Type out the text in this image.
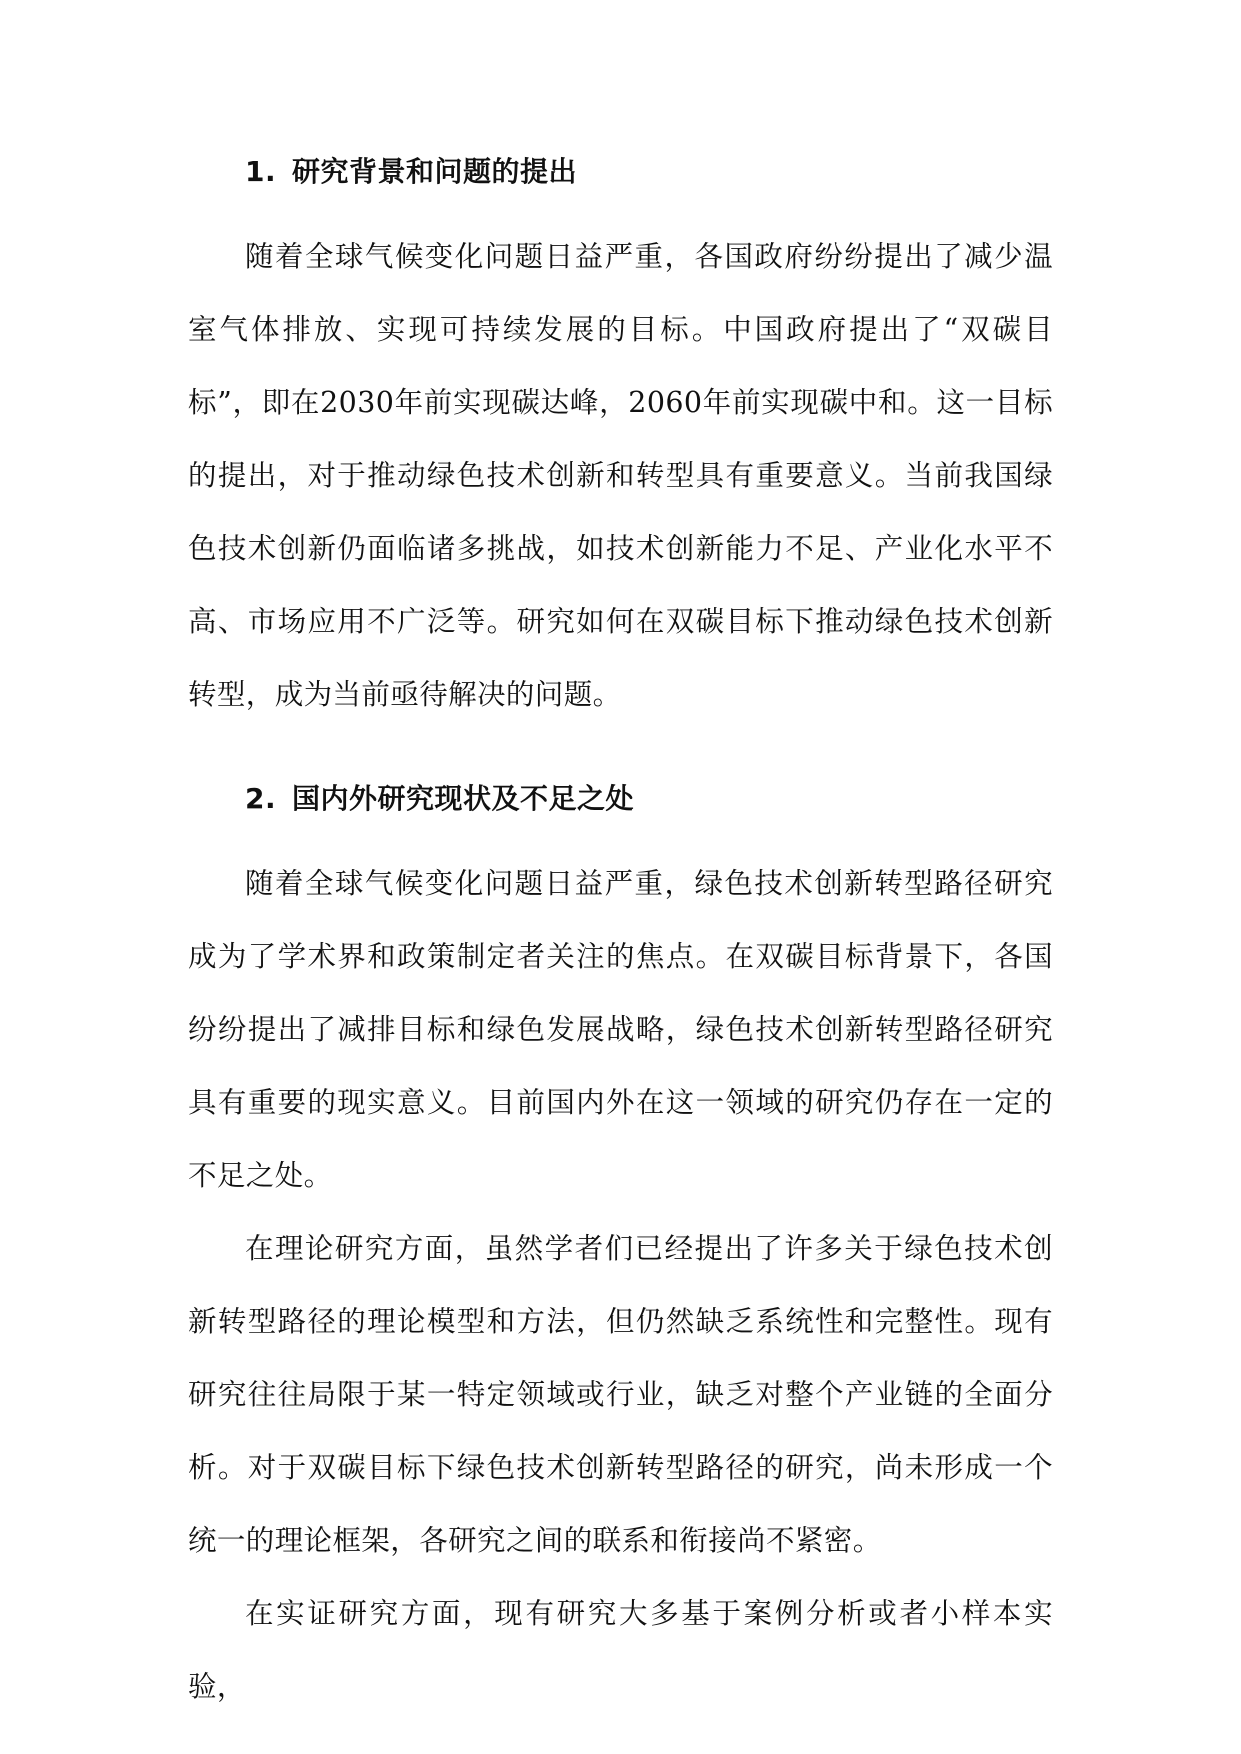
1. 研究背景和问题的提出

随着全球气候变化问题日益严重，各国政府纷纷提出了减少温室气体排放、实现可持续发展的目标。中国政府提出了“双碳目标”，即在2030年前实现碳达峰，2060年前实现碳中和。这一目标的提出，对于推动绿色技术创新和转型具有重要意义。当前我国绿色技术创新仍面临诸多挑战，如技术创新能力不足、产业化水平不高、市场应用不广泛等。研究如何在双碳目标下推动绿色技术创新转型，成为当前亟待解决的问题。

2. 国内外研究现状及不足之处

随着全球气候变化问题日益严重，绿色技术创新转型路径研究成为了学术界和政策制定者关注的焦点。在双碳目标背景下，各国纷纷提出了减排目标和绿色发展战略，绿色技术创新转型路径研究具有重要的现实意义。目前国内外在这一领域的研究仍存在一定的不足之处。

在理论研究方面，虽然学者们已经提出了许多关于绿色技术创新转型路径的理论模型和方法，但仍然缺乏系统性和完整性。现有研究往往局限于某一特定领域或行业，缺乏对整个产业链的全面分析。对于双碳目标下绿色技术创新转型路径的研究，尚未形成一个统一的理论框架，各研究之间的联系和衔接尚不紧密。

在实证研究方面，现有研究大多基于案例分析或者小样本实验，
